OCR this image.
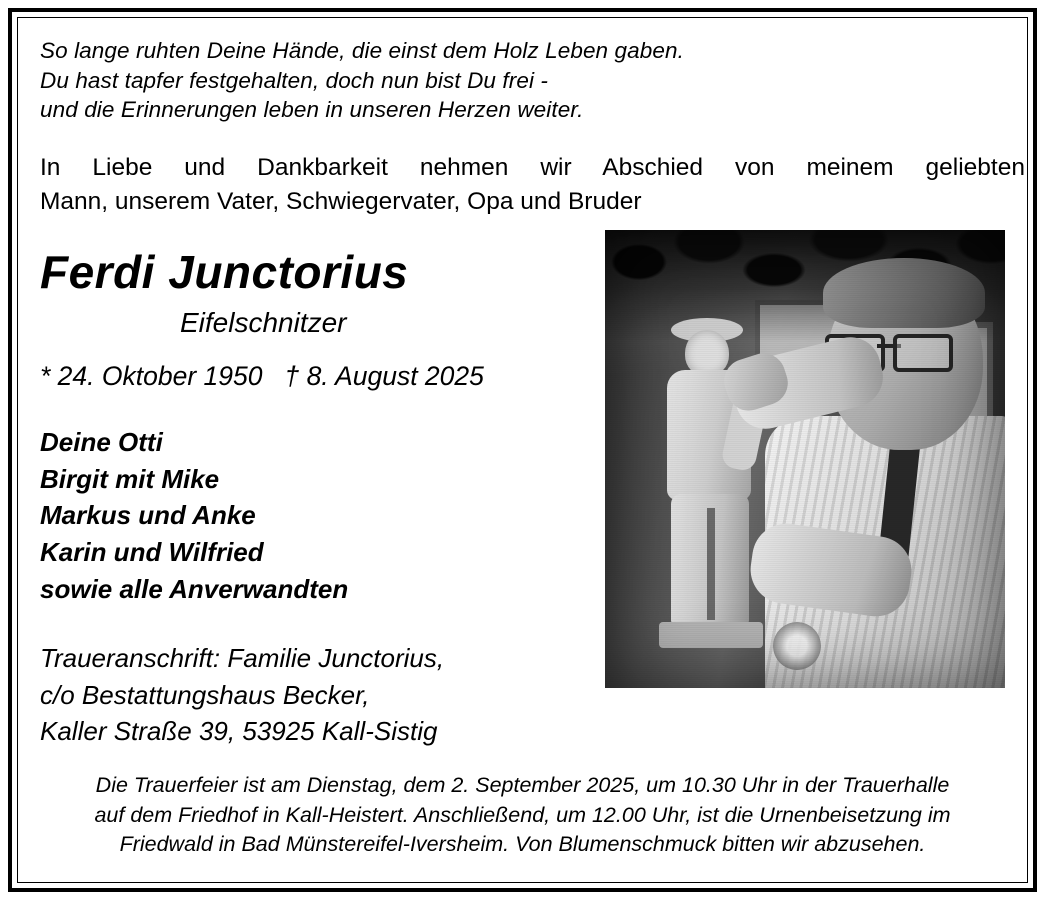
So lange ruhten Deine Hände, die einst dem Holz Leben gaben.
Du hast tapfer festgehalten, doch nun bist Du frei -
und die Erinnerungen leben in unseren Herzen weiter.
In Liebe und Dankbarkeit nehmen wir Abschied von meinem geliebten
Mann, unserem Vater, Schwiegervater, Opa und Bruder
Ferdi Junctorius
Eifelschnitzer
* 24. Oktober 1950 † 8. August 2025
Deine Otti
Birgit mit Mike
Markus und Anke
Karin und Wilfried
sowie alle Anverwandten
Traueranschrift: Familie Junctorius,
c/o Bestattungshaus Becker,
Kaller Straße 39, 53925 Kall-Sistig
Die Trauerfeier ist am Dienstag, dem 2. September 2025, um 10.30 Uhr in der Trauerhalle
auf dem Friedhof in Kall-Heistert. Anschließend, um 12.00 Uhr, ist die Urnenbeisetzung im
Friedwald in Bad Münstereifel-Iversheim. Von Blumenschmuck bitten wir abzusehen.
